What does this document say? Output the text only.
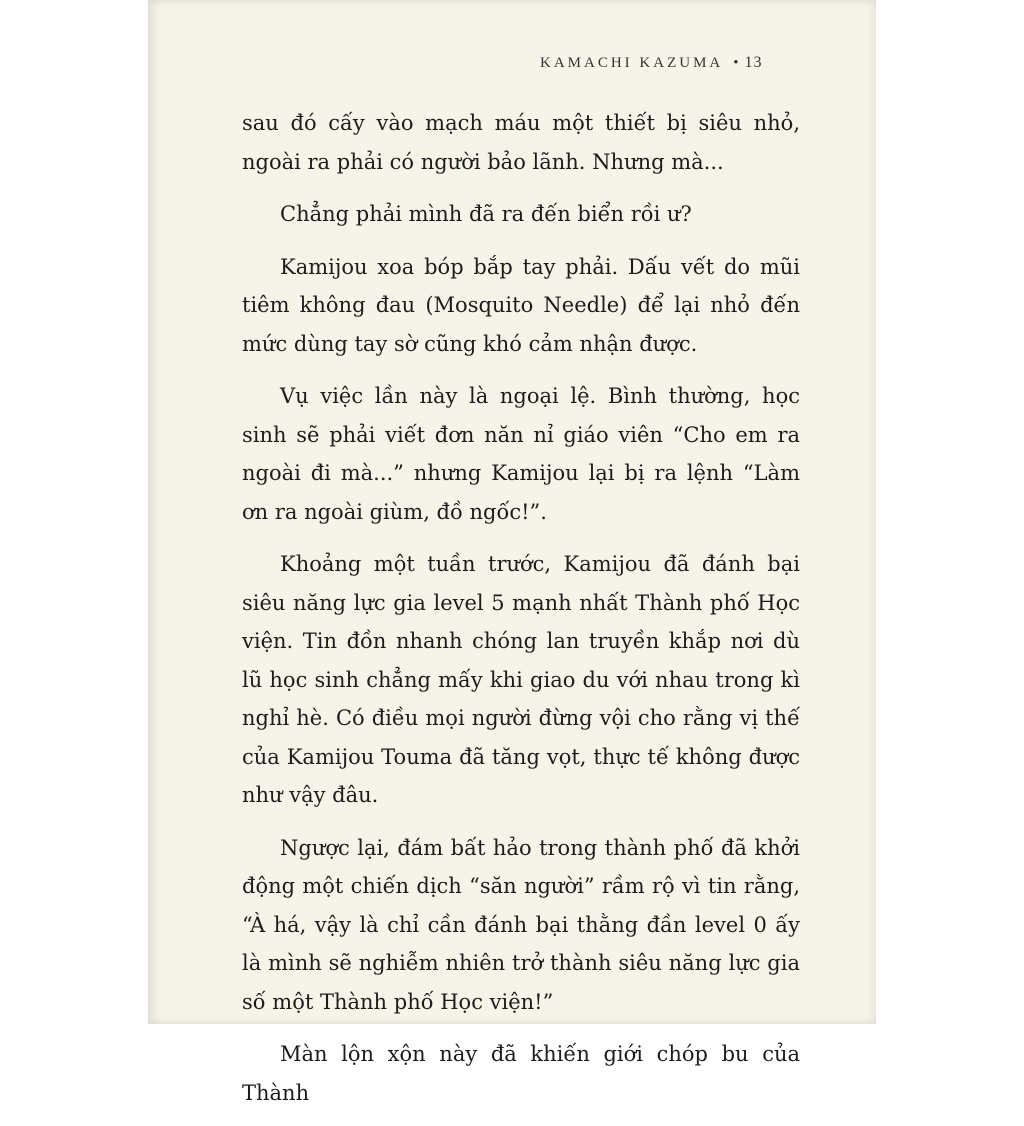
KAMACHI KAZUMA • 13

sau đó cấy vào mạch máu một thiết bị siêu nhỏ, ngoài ra phải có người bảo lãnh. Nhưng mà...

Chẳng phải mình đã ra đến biển rồi ư?

Kamijou xoa bóp bắp tay phải. Dấu vết do mũi tiêm không đau (Mosquito Needle) để lại nhỏ đến mức dùng tay sờ cũng khó cảm nhận được.

Vụ việc lần này là ngoại lệ. Bình thường, học sinh sẽ phải viết đơn năn nỉ giáo viên “Cho em ra ngoài đi mà...” nhưng Kamijou lại bị ra lệnh “Làm ơn ra ngoài giùm, đồ ngốc!”.

Khoảng một tuần trước, Kamijou đã đánh bại siêu năng lực gia level 5 mạnh nhất Thành phố Học viện. Tin đồn nhanh chóng lan truyền khắp nơi dù lũ học sinh chẳng mấy khi giao du với nhau trong kì nghỉ hè. Có điều mọi người đừng vội cho rằng vị thế của Kamijou Touma đã tăng vọt, thực tế không được như vậy đâu.

Ngược lại, đám bất hảo trong thành phố đã khởi động một chiến dịch “săn người” rầm rộ vì tin rằng, “À há, vậy là chỉ cần đánh bại thằng đần level 0 ấy là mình sẽ nghiễm nhiên trở thành siêu năng lực gia số một Thành phố Học viện!”

Màn lộn xộn này đã khiến giới chóp bu của Thành
